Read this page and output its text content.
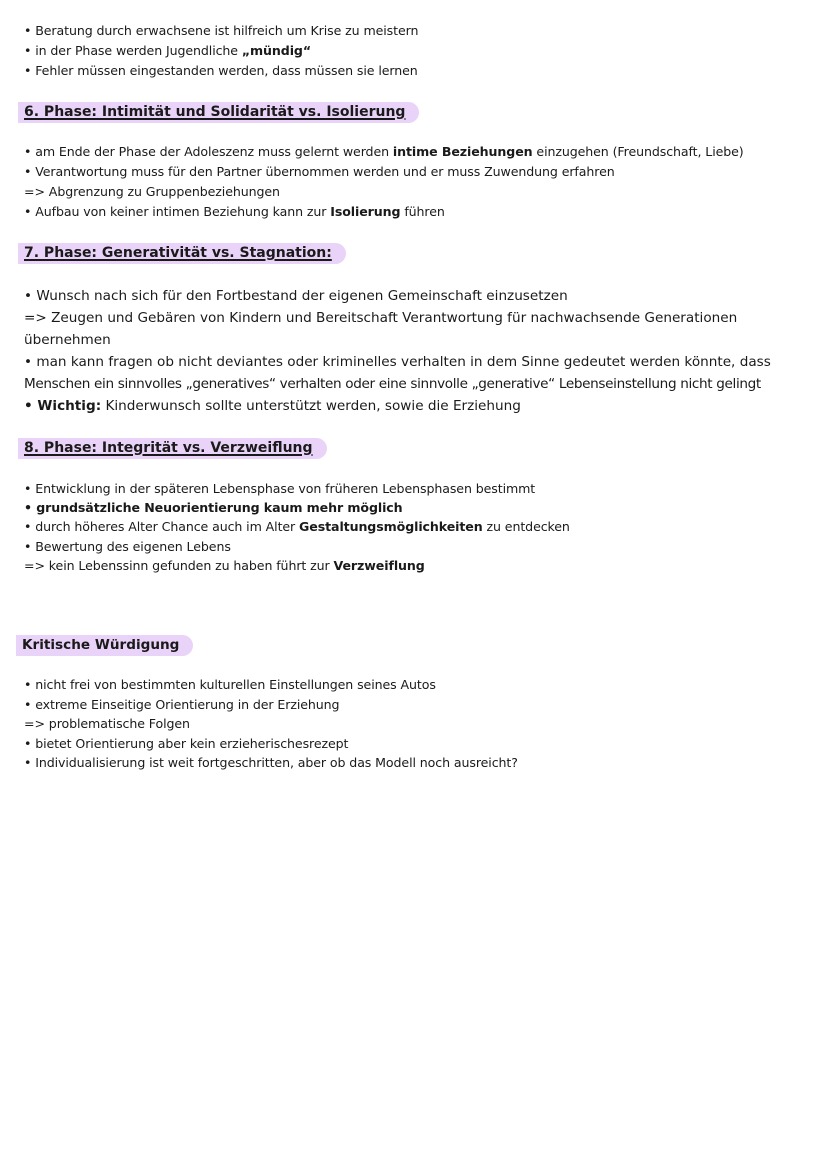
• Beratung durch erwachsene ist hilfreich um Krise zu meistern
• in der Phase werden Jugendliche „mündig“
• Fehler müssen eingestanden werden, dass müssen sie lernen
6. Phase: Intimität und Solidarität vs. Isolierung
• am Ende der Phase der Adoleszenz muss gelernt werden intime Beziehungen einzugehen (Freundschaft, Liebe)
• Verantwortung muss für den Partner übernommen werden und er muss Zuwendung erfahren
=> Abgrenzung zu Gruppenbeziehungen
• Aufbau von keiner intimen Beziehung kann zur Isolierung führen
7. Phase: Generativität vs. Stagnation:
• Wunsch nach sich für den Fortbestand der eigenen Gemeinschaft einzusetzen
=> Zeugen und Gebären von Kindern und Bereitschaft Verantwortung für nachwachsende Generationen
übernehmen
• man kann fragen ob nicht deviantes oder kriminelles verhalten in dem Sinne gedeutet werden könnte, dass
Menschen ein sinnvolles „generatives“ verhalten oder eine sinnvolle „generative“ Lebenseinstellung nicht gelingt
• Wichtig: Kinderwunsch sollte unterstützt werden, sowie die Erziehung
8. Phase: Integrität vs. Verzweiflung
• Entwicklung in der späteren Lebensphase von früheren Lebensphasen bestimmt
• grundsätzliche Neuorientierung kaum mehr möglich
• durch höheres Alter Chance auch im Alter Gestaltungsmöglichkeiten zu entdecken
• Bewertung des eigenen Lebens
=> kein Lebenssinn gefunden zu haben führt zur Verzweiflung
Kritische Würdigung
• nicht frei von bestimmten kulturellen Einstellungen seines Autos
• extreme Einseitige Orientierung in der Erziehung
=> problematische Folgen
• bietet Orientierung aber kein erzieherischesrezept
• Individualisierung ist weit fortgeschritten, aber ob das Modell noch ausreicht?
